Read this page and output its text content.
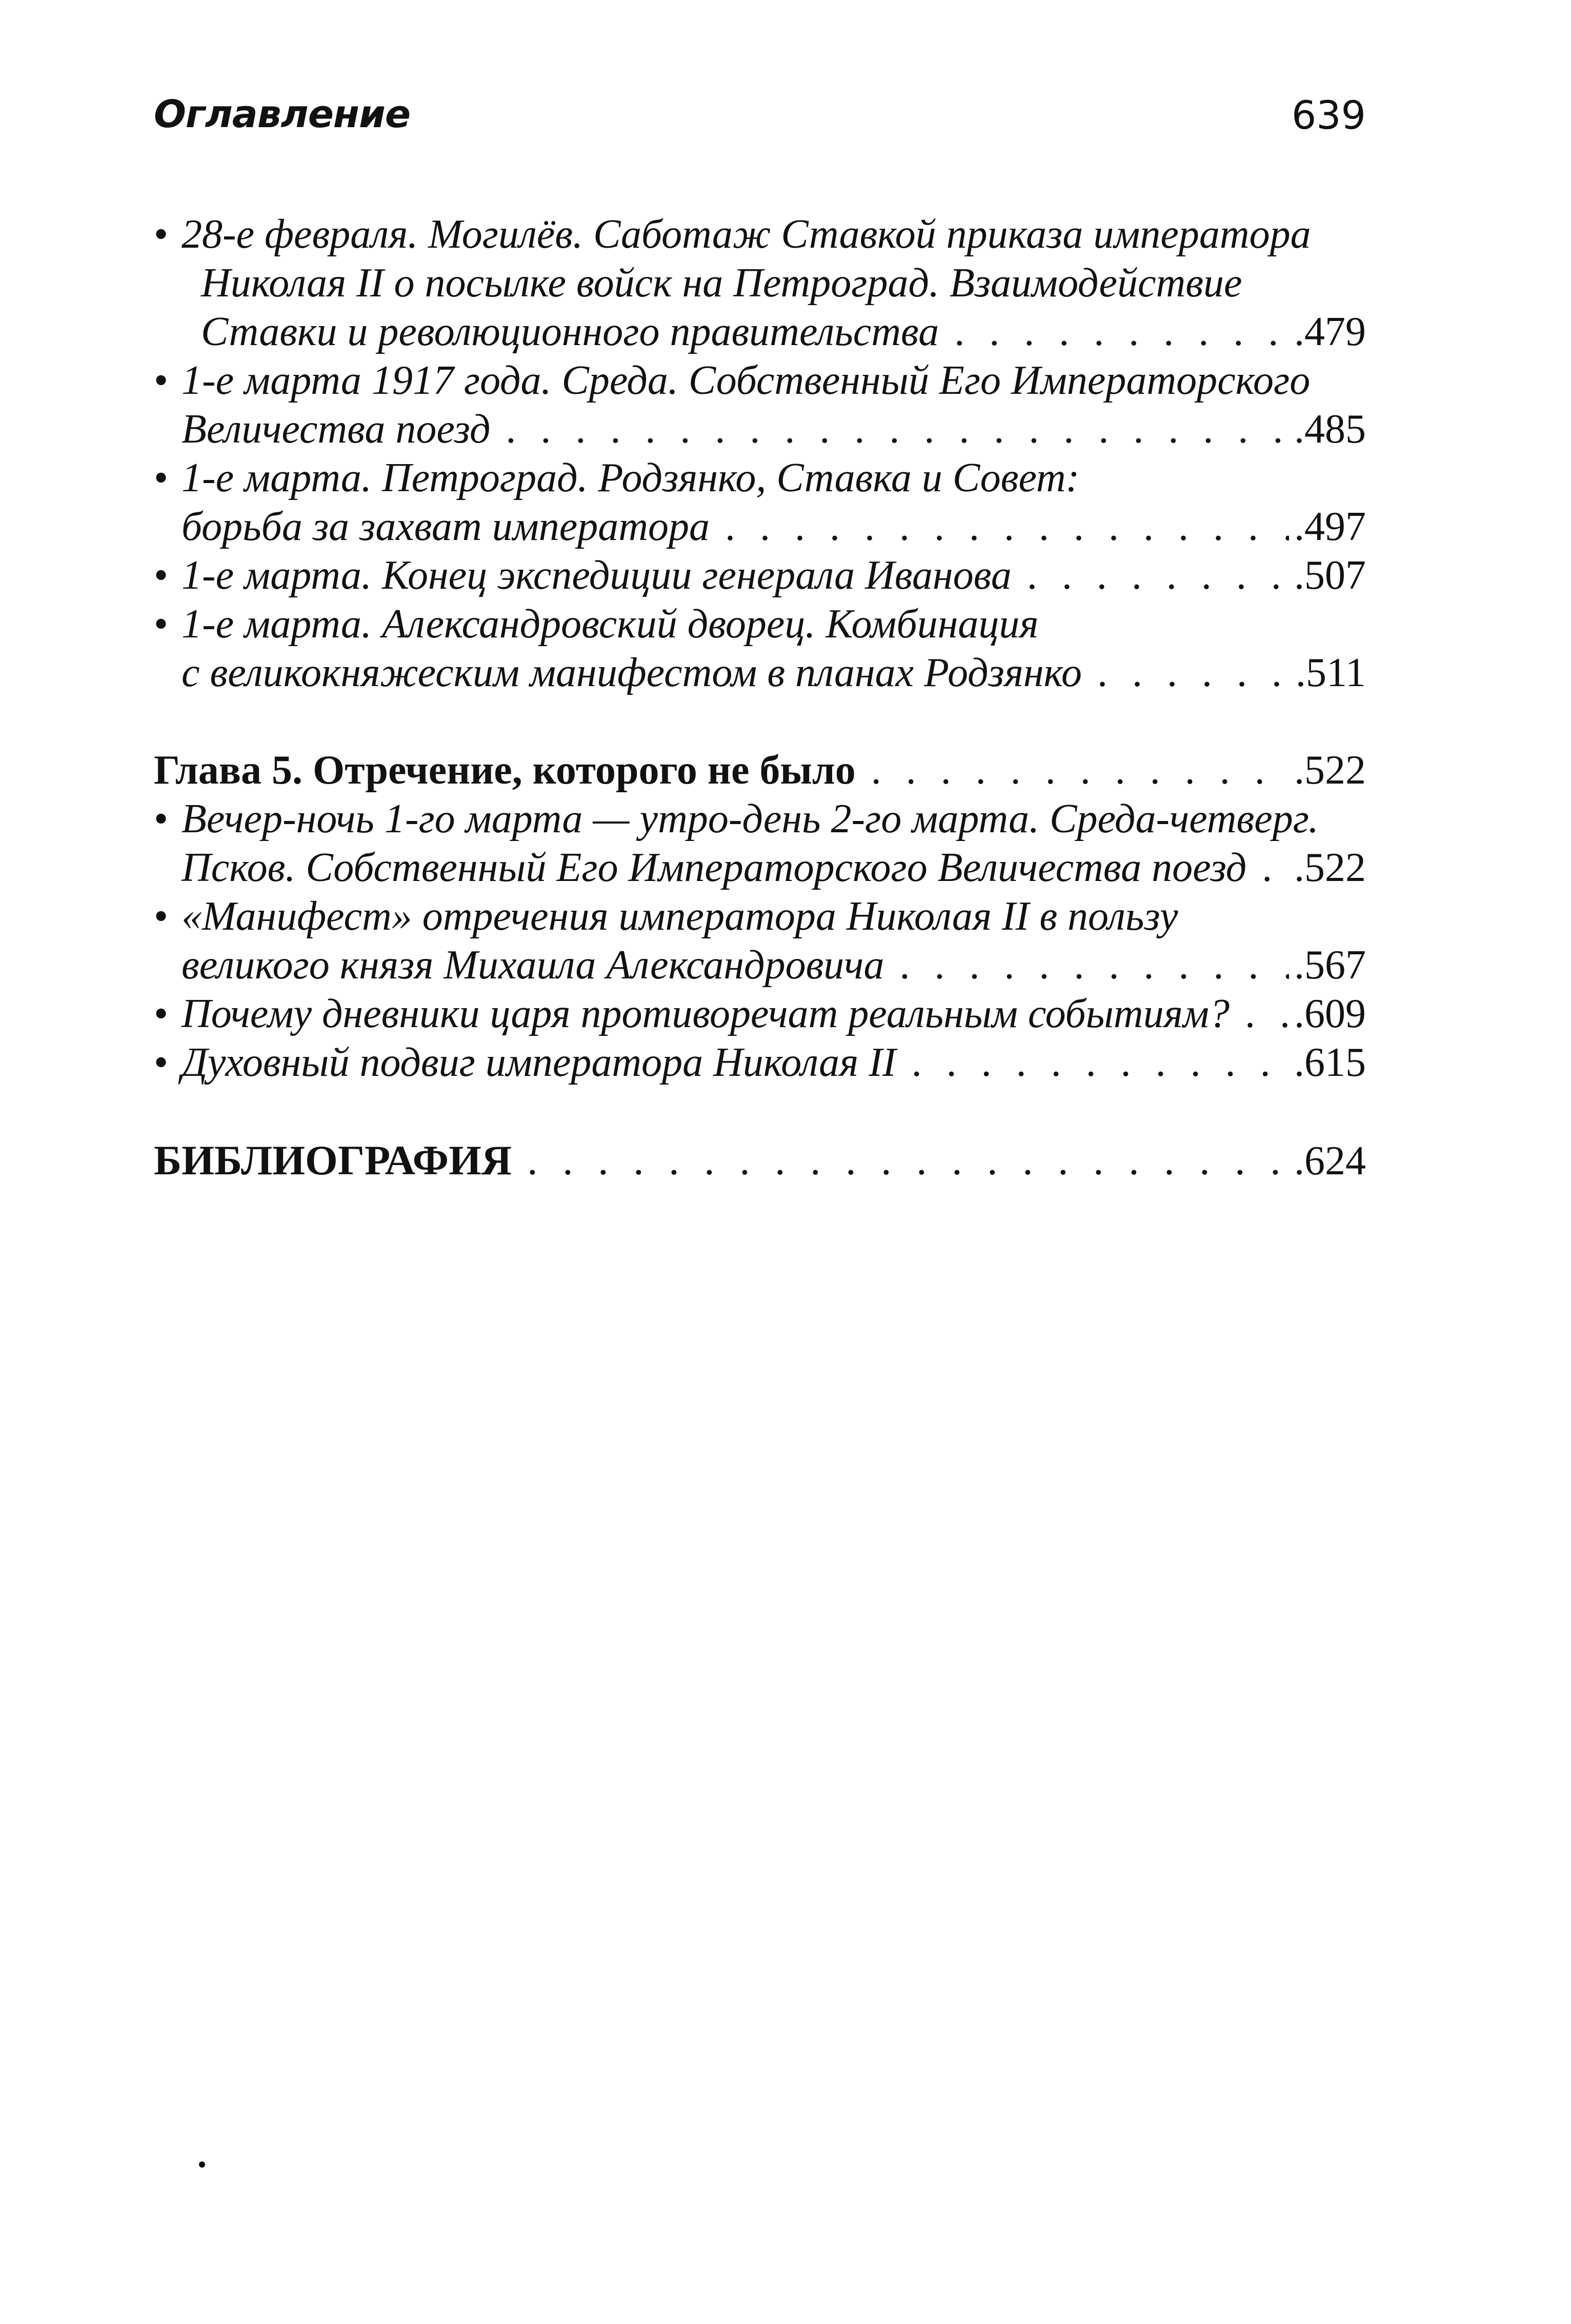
Оглавление	639
• 28-е февраля. Могилёв. Саботаж Ставкой приказа императора
Николая II о посылке войск на Петроград. Взаимодействие
Ставки и революционного правительства . . .	.479
• 1-е марта 1917 года. Среда. Собственный Его Императорского
Величества поезд . . .	.485
• 1-е марта. Петроград. Родзянко, Ставка и Совет:
борьба за захват императора . . .	.497
• 1-е марта. Конец экспедиции генерала Иванова . . .	.507
• 1-е марта. Александровский дворец. Комбинация
с великокняжеским манифестом в планах Родзянко . . .	.511
Глава 5. Отречение, которого не было . . .	.522
• Вечер-ночь 1-го марта — утро-день 2-го марта. Среда-четверг.
Псков. Собственный Его Императорского Величества поезд . . . .522
• «Манифест» отречения императора Николая II в пользу
великого князя Михаила Александровича . . .	.567
• Почему дневники царя противоречат реальным событиям? . . . .609
• Духовный подвиг императора Николая II . . .	.615
БИБЛИОГРАФИЯ . . .	.624
